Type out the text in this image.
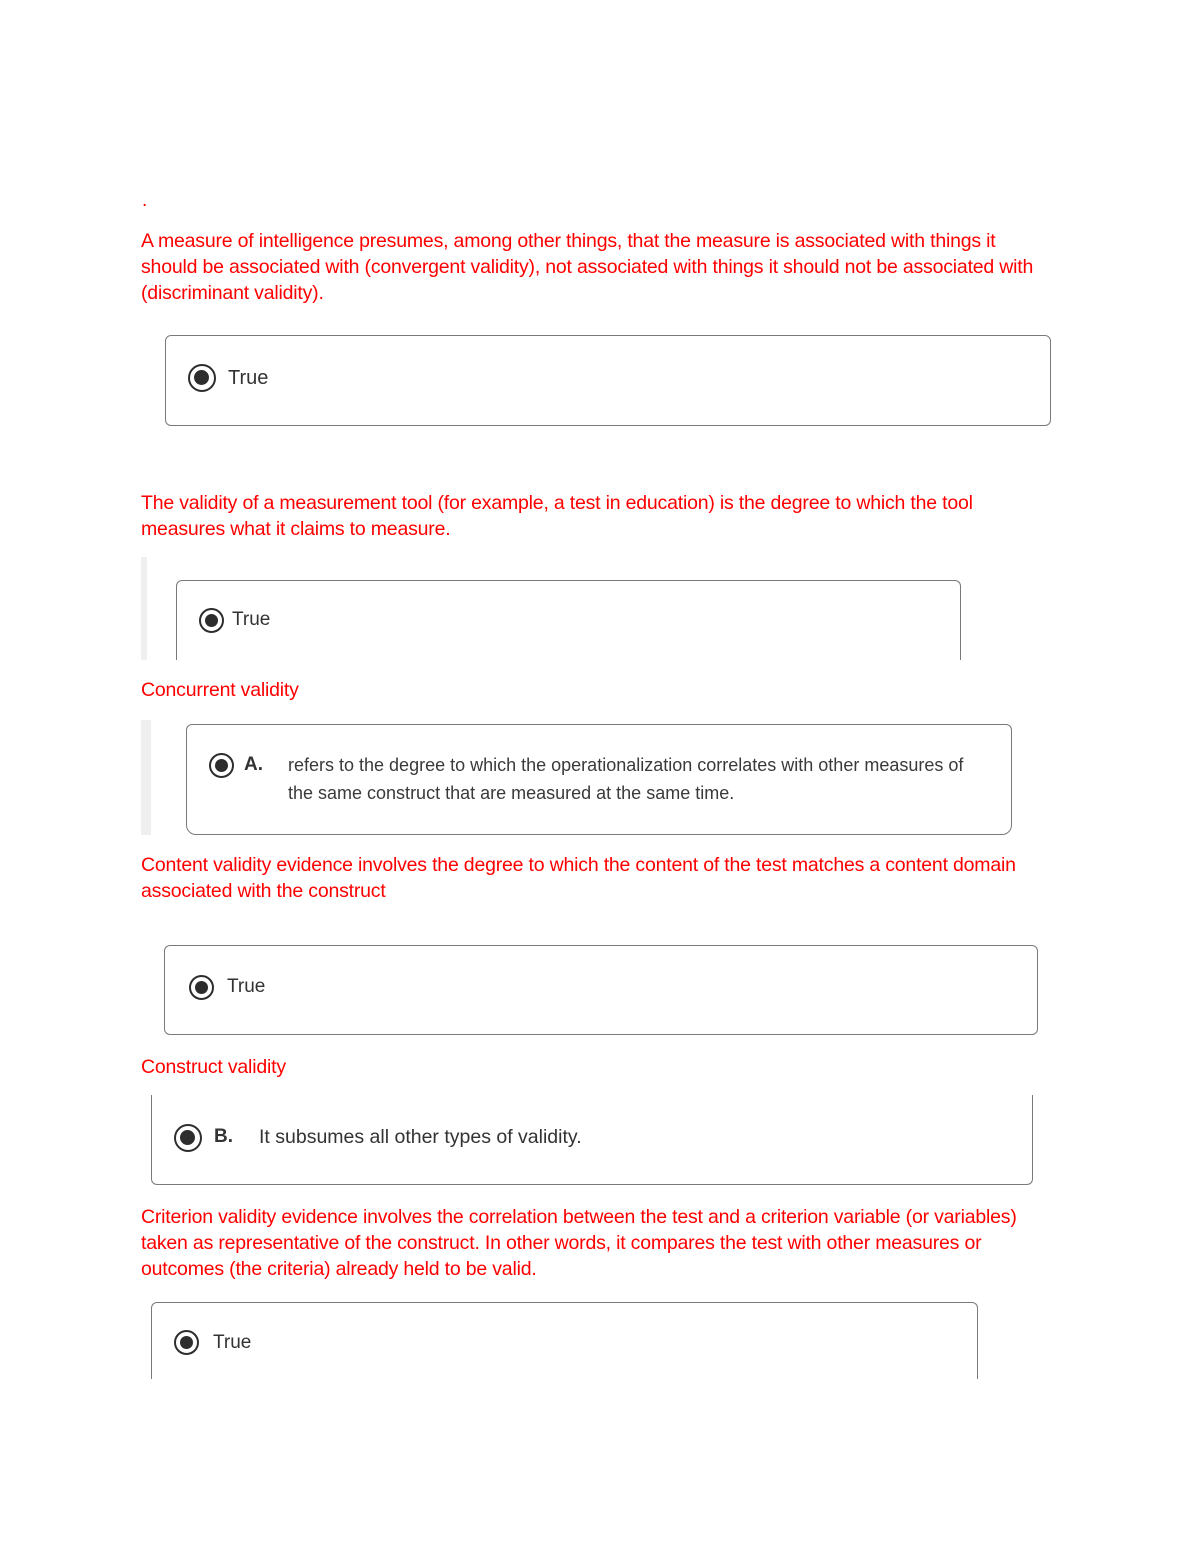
.
A measure of intelligence presumes, among other things, that the measure is associated with things it should be associated with (convergent validity), not associated with things it should not be associated with (discriminant validity).
True
The validity of a measurement tool (for example, a test in education) is the degree to which the tool measures what it claims to measure.
True
Concurrent validity
A. refers to the degree to which the operationalization correlates with other measures of the same construct that are measured at the same time.
Content validity evidence involves the degree to which the content of the test matches a content domain associated with the construct
True
Construct validity
B. It subsumes all other types of validity.
Criterion validity evidence involves the correlation between the test and a criterion variable (or variables) taken as representative of the construct. In other words, it compares the test with other measures or outcomes (the criteria) already held to be valid.
True
